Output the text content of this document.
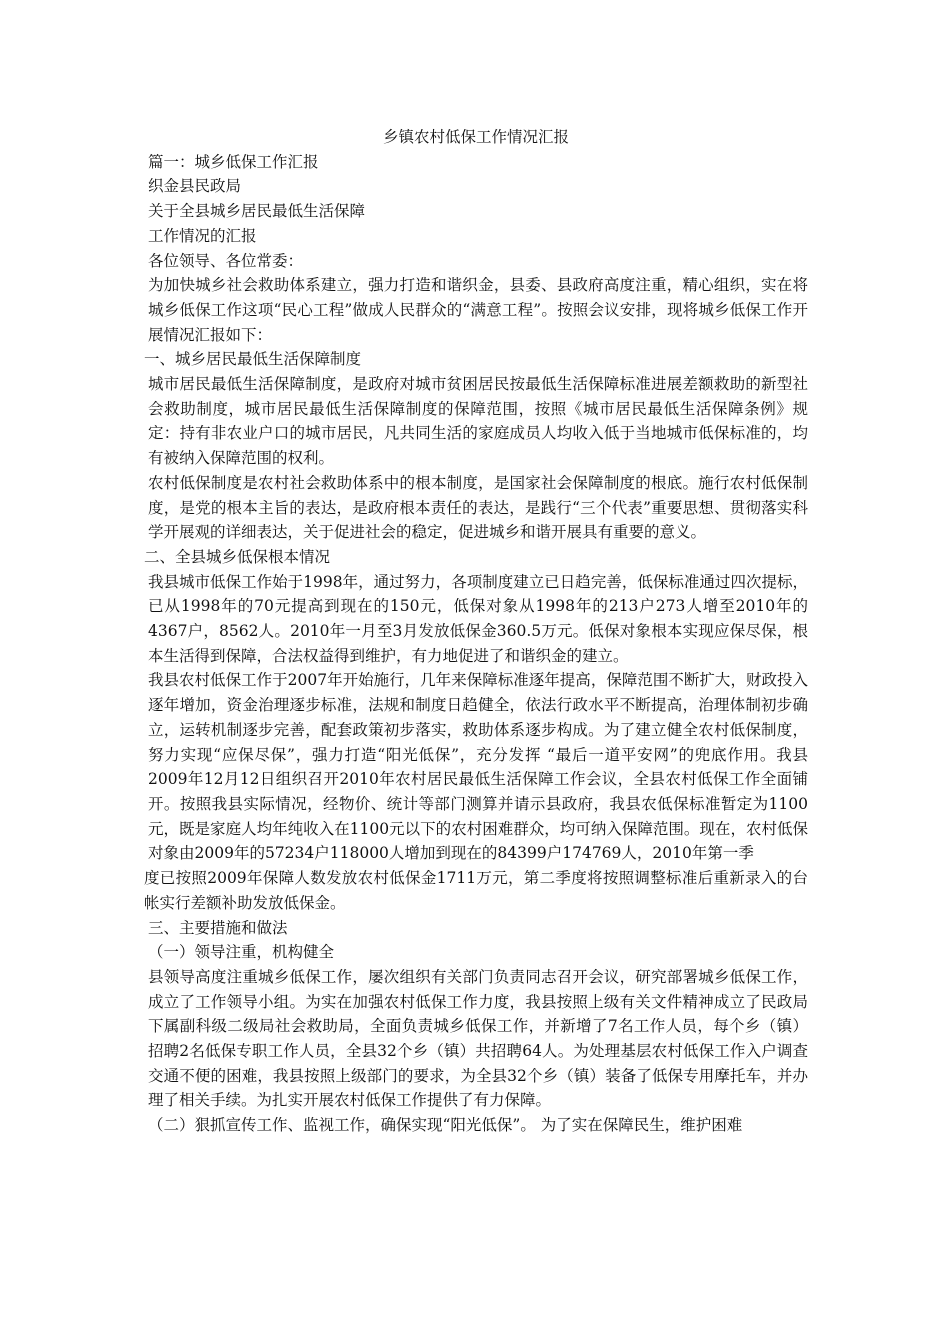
乡镇农村低保工作情况汇报

篇一：城乡低保工作汇报

织金县民政局

关于全县城乡居民最低生活保障

工作情况的汇报

各位领导、各位常委：

为加快城乡社会救助体系建立，强力打造和谐织金，县委、县政府高度注重，精心组织，实在将城乡低保工作这项“民心工程”做成人民群众的“满意工程”。按照会议安排，现将城乡低保工作开展情况汇报如下：

一、城乡居民最低生活保障制度

城市居民最低生活保障制度，是政府对城市贫困居民按最低生活保障标准进展差额救助的新型社会救助制度，城市居民最低生活保障制度的保障范围，按照《城市居民最低生活保障条例》规定：持有非农业户口的城市居民，凡共同生活的家庭成员人均收入低于当地城市低保标准的，均有被纳入保障范围的权利。

农村低保制度是农村社会救助体系中的根本制度，是国家社会保障制度的根底。施行农村低保制度，是党的根本主旨的表达，是政府根本责任的表达，是践行“三个代表”重要思想、贯彻落实科学开展观的详细表达，关于促进社会的稳定，促进城乡和谐开展具有重要的意义。

二、全县城乡低保根本情况

我县城市低保工作始于1998年，通过努力，各项制度建立已日趋完善，低保标准通过四次提标，已从1998年的70元提高到现在的150元，低保对象从1998年的213户273人增至2010年的4367户，8562人。2010年一月至3月发放低保金360.5万元。低保对象根本实现应保尽保，根本生活得到保障，合法权益得到维护，有力地促进了和谐织金的建立。

我县农村低保工作于2007年开始施行，几年来保障标准逐年提高，保障范围不断扩大，财政投入逐年增加，资金治理逐步标准，法规和制度日趋健全，依法行政水平不断提高，治理体制初步确立，运转机制逐步完善，配套政策初步落实，救助体系逐步构成。为了建立健全农村低保制度，努力实现“应保尽保”，强力打造“阳光低保”，充分发挥 “最后一道平安网”的兜底作用。我县2009年12月12日组织召开2010年农村居民最低生活保障工作会议，全县农村低保工作全面铺开。按照我县实际情况，经物价、统计等部门测算并请示县政府，我县农低保标准暂定为1100元，既是家庭人均年纯收入在1100元以下的农村困难群众，均可纳入保障范围。现在，农村低保对象由2009年的57234户118000人增加到现在的84399户174769人，2010年第一季

度已按照2009年保障人数发放农村低保金1711万元，第二季度将按照调整标准后重新录入的台帐实行差额补助发放低保金。

三、主要措施和做法

（一）领导注重，机构健全

县领导高度注重城乡低保工作，屡次组织有关部门负责同志召开会议，研究部署城乡低保工作，成立了工作领导小组。为实在加强农村低保工作力度，我县按照上级有关文件精神成立了民政局下属副科级二级局社会救助局，全面负责城乡低保工作，并新增了7名工作人员，每个乡（镇）招聘2名低保专职工作人员，全县32个乡（镇）共招聘64人。为处理基层农村低保工作入户调查交通不便的困难，我县按照上级部门的要求，为全县32个乡（镇）装备了低保专用摩托车，并办理了相关手续。为扎实开展农村低保工作提供了有力保障。

（二）狠抓宣传工作、监视工作，确保实现“阳光低保”。 为了实在保障民生，维护困难
